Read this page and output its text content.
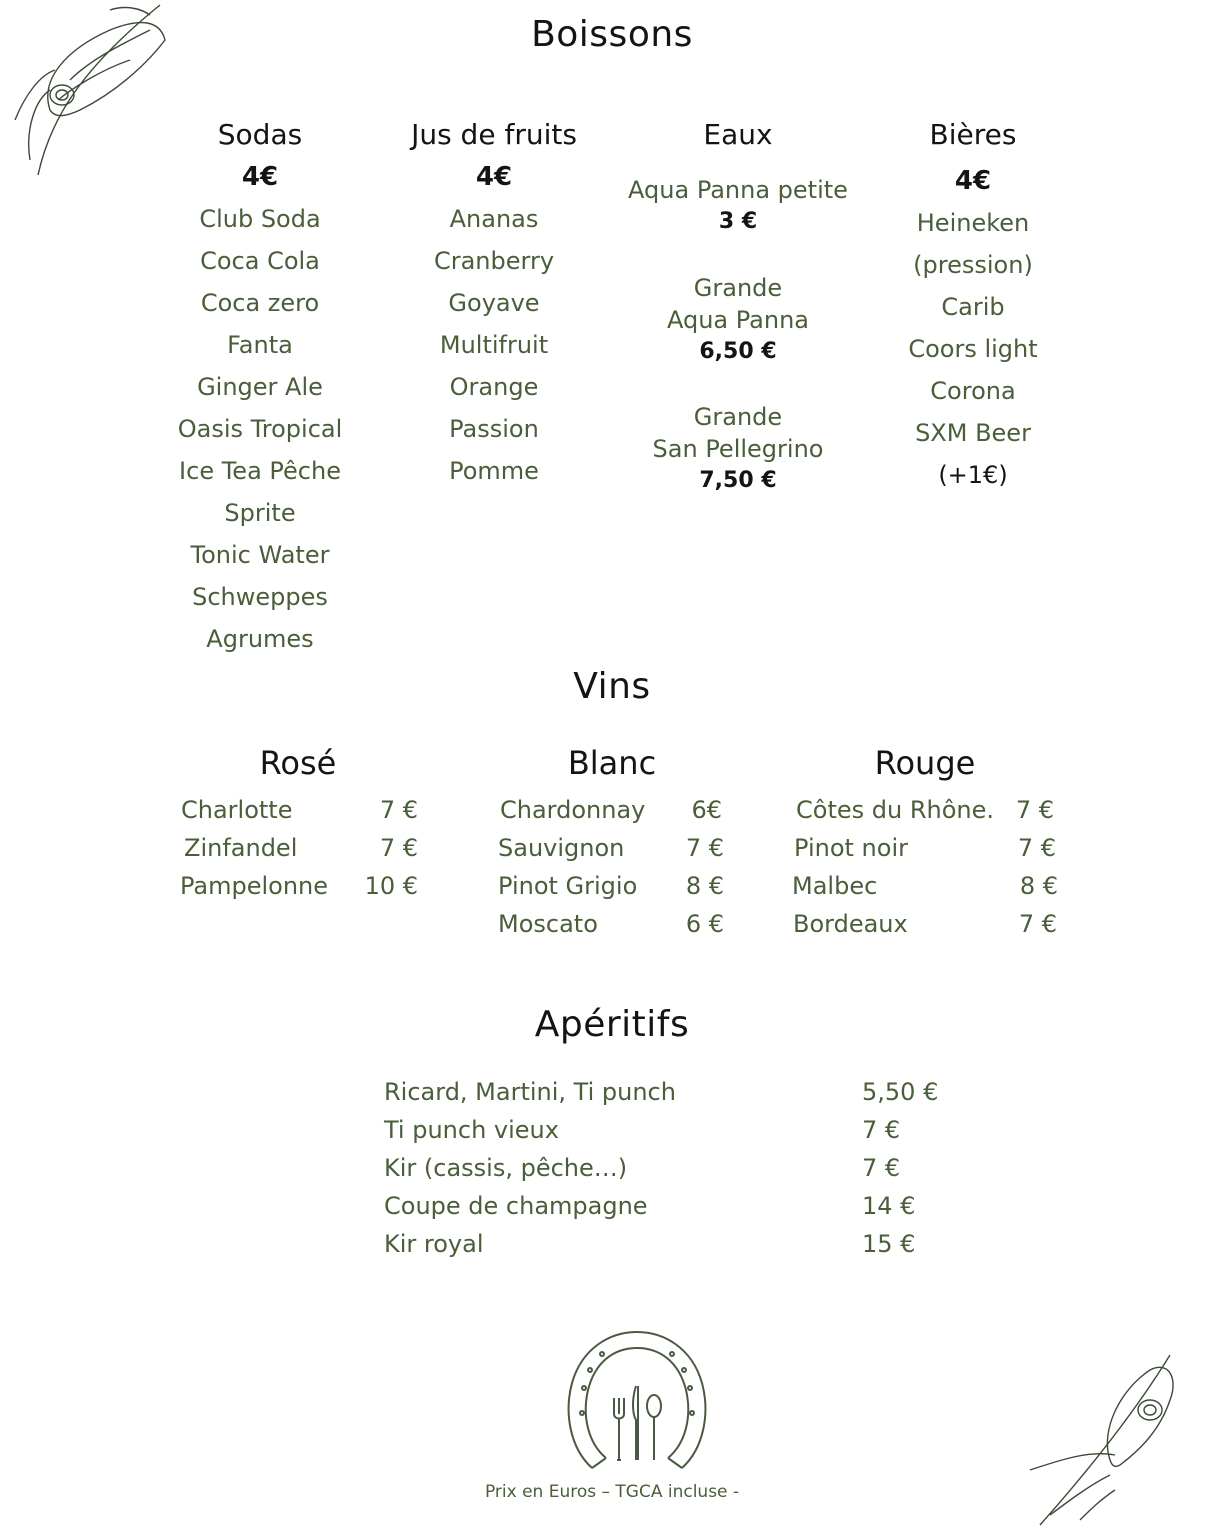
Boissons
Sodas
4€
Club Soda
Coca Cola
Coca zero
Fanta
Ginger Ale
Oasis Tropical
Ice Tea Pêche
Sprite
Tonic Water
Schweppes
Agrumes
Jus de fruits
4€
Ananas
Cranberry
Goyave
Multifruit
Orange
Passion
Pomme
Eaux
Aqua Panna petite
3 €
Grande
Aqua Panna
6,50 €
Grande
San Pellegrino
7,50 €
Bières
4€
Heineken
(pression)
Carib
Coors light
Corona
SXM Beer
(+1€)
Vins
Rosé	Blanc	Rouge
Charlotte	7 €
Zinfandel	7 €
Pampelonne 10 €
Chardonnay 6€
Sauvignon	7 €
Pinot Grigio 8 €
Moscato	6 €
Côtes du Rhône. 7 €
Pinot noir	7 €
Malbec	8 €
Bordeaux	7 €
Apéritifs
Ricard, Martini, Ti punch	5,50 €
Ti punch vieux	7 €
Kir (cassis, pêche…)	7 €
Coupe de champagne	14 €
Kir royal	15 €
Prix en Euros – TGCA incluse -
